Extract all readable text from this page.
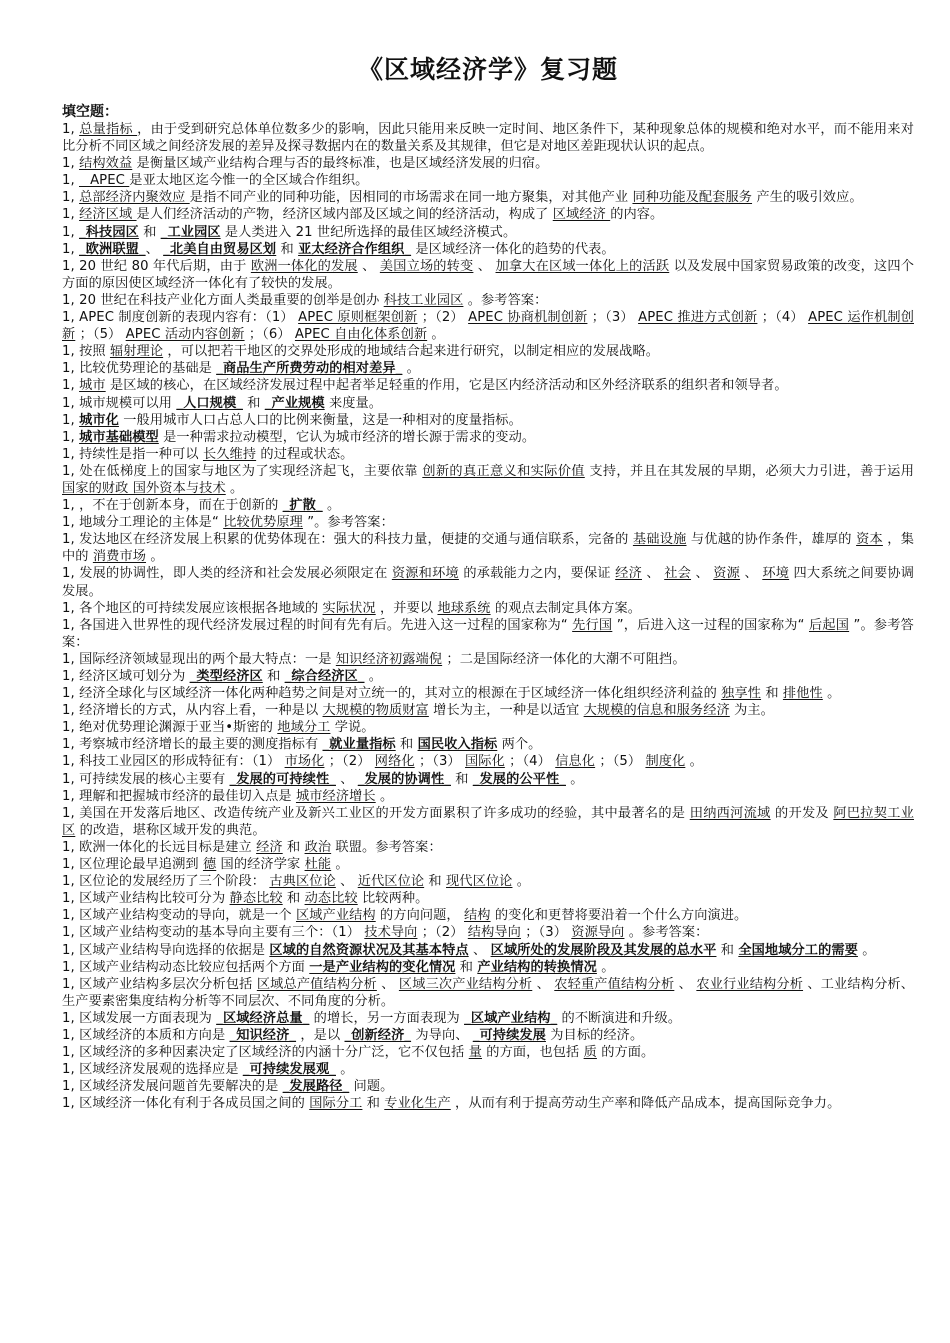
《区域经济学》复习题

填空题：

1, 总量指标 ，由于受到研究总体单位数多少的影响，因此只能用来反映一定时间、地区条件下，某种现象总体的规模和绝对水平，而不能用来对比分析不同区域之间经济发展的差异及探寻数据内在的数量关系及其规律，但它是对地区差距现状认识的起点。

1, 结构效益 是衡量区域产业结构合理与否的最终标准，也是区域经济发展的归宿。

1, _ APEC 是亚太地区迄今惟一的全区域合作组织。

1, 总部经济内聚效应 是指不同产业的同种功能，因相同的市场需求在同一地方聚集，对其他产业 同种功能及配套服务 产生的吸引效应。

1, 经济区域 是人们经济活动的产物，经济区域内部及区域之间的经济活动，构成了 区域经济 的内容。

1, _科技园区 和 _工业园区 是人类进入 21 世纪所选择的最佳区域经济模式。

1, _欧洲联盟_、 _北美自由贸易区划 和 亚太经济合作组织_ 是区域经济一体化的趋势的代表。

1, 20 世纪 80 年代后期，由于 欧洲一体化的发展 、 美国立场的转变 、 加拿大在区域一体化上的活跃 以及发展中国家贸易政策的改变，这四个方面的原因使区域经济一体化有了较快的发展。

1, 20 世纪在科技产业化方面人类最重要的创举是创办 科技工业园区 。参考答案：

1, APEC 制度创新的表现内容有：（1） APEC 原则框架创新 ；（2） APEC 协商机制创新 ；（3） APEC 推进方式创新 ；（4） APEC 运作机制创新 ；（5） APEC 活动内容创新 ；（6） APEC 自由化体系创新 。

1, 按照 辐射理论 ，可以把若干地区的交界处形成的地域结合起来进行研究，以制定相应的发展战略。

1, 比较优势理论的基础是 _商品生产所费劳动的相对差异_ 。

1, 城市 是区域的核心，在区域经济发展过程中起者举足轻重的作用，它是区内经济活动和区外经济联系的组织者和领导者。

1, 城市规模可以用 _人口规模_ 和 _产业规模 来度量。

1, 城市化 一般用城市人口占总人口的比例来衡量，这是一种相对的度量指标。

1, 城市基础模型 是一种需求拉动模型，它认为城市经济的增长源于需求的变动。

1, 持续性是指一种可以 长久维持 的过程或状态。

1, 处在低梯度上的国家与地区为了实现经济起飞，主要依靠 创新的真正意义和实际价值 支持，并且在其发展的早期，必须大力引进，善于运用 国家的财政 国外资本与技术 。

1, ，不在于创新本身，而在于创新的 _扩散_ 。

1, 地域分工理论的主体是“ 比较优势原理 ”。参考答案：

1, 发达地区在经济发展上积累的优势体现在：强大的科技力量，便捷的交通与通信联系，完备的 基础设施 与优越的协作条件，雄厚的 资本 ，集中的 消费市场 。

1, 发展的协调性，即人类的经济和社会发展必须限定在 资源和环境 的承载能力之内，要保证 经济 、 社会 、 资源 、 环境 四大系统之间要协调发展。

1, 各个地区的可持续发展应该根据各地域的 实际状况 ，并要以 地球系统 的观点去制定具体方案。

1, 各国进入世界性的现代经济发展过程的时间有先有后。先进入这一过程的国家称为“ 先行国 ”，后进入这一过程的国家称为“ 后起国 ”。参考答案：

1, 国际经济领域显现出的两个最大特点：一是 知识经济初露端倪 ；二是国际经济一体化的大潮不可阻挡。

1, 经济区域可划分为 _类型经济区 和 _综合经济区_ 。

1, 经济全球化与区域经济一体化两种趋势之间是对立统一的，其对立的根源在于区域经济一体化组织经济利益的 独享性 和 排他性 。

1, 经济增长的方式，从内容上看，一种是以 大规模的物质财富 增长为主，一种是以适宜 大规模的信息和服务经济 为主。

1, 绝对优势理论渊源于亚当•斯密的 地域分工 学说。

1, 考察城市经济增长的最主要的测度指标有 _就业量指标 和 国民收入指标 两个。

1, 科技工业园区的形成特征有：（1） 市场化 ；（2） 网络化 ；（3） 国际化 ；（4） 信息化 ；（5） 制度化 。

1, 可持续发展的核心主要有 _发展的可持续性_ 、 _发展的协调性_ 和 _发展的公平性_ 。

1, 理解和把握城市经济的最佳切入点是 城市经济增长 。

1, 美国在开发落后地区、改造传统产业及新兴工业区的开发方面累积了许多成功的经验，其中最著名的是 田纳西河流域 的开发及 阿巴拉契工业区 的改造，堪称区域开发的典范。

1, 欧洲一体化的长远目标是建立 经济 和 政治 联盟。参考答案：

1, 区位理论最早追溯到 德 国的经济学家 杜能 。

1, 区位论的发展经历了三个阶段： 古典区位论 、 近代区位论 和 现代区位论 。

1, 区域产业结构比较可分为 静态比较 和 动态比较 比较两种。

1, 区域产业结构变动的导向，就是一个 区域产业结构 的方向问题， 结构 的变化和更替将要沿着一个什么方向演进。

1, 区域产业结构变动的基本导向主要有三个：（1） 技术导向 ；（2） 结构导向 ；（3） 资源导向 。参考答案：

1, 区域产业结构导向选择的依据是 区域的自然资源状况及其基本特点 、 区域所处的发展阶段及其发展的总水平 和 全国地域分工的需要 。

1, 区域产业结构动态比较应包括两个方面 一是产业结构的变化情况 和 产业结构的转换情况 。

1, 区域产业结构多层次分析包括 区域总产值结构分析 、 区域三次产业结构分析 、 农轻重产值结构分析 、 农业行业结构分析 、工业结构分析、生产要素密集度结构分析等不同层次、不同角度的分析。

1, 区域发展一方面表现为 _区域经济总量_ 的增长，另一方面表现为 _区域产业结构_ 的不断演进和升级。

1, 区域经济的本质和方向是 _知识经济_ ，是以 _创新经济_ 为导向、 _可持续发展 为目标的经济。

1, 区域经济的多种因素决定了区域经济的内涵十分广泛，它不仅包括 量 的方面，也包括 质 的方面。

1, 区域经济发展观的选择应是 _可持续发展观_ 。

1, 区域经济发展问题首先要解决的是 _发展路径_ 问题。

1, 区域经济一体化有利于各成员国之间的 国际分工 和 专业化生产 ，从而有利于提高劳动生产率和降低产品成本，提高国际竞争力。
